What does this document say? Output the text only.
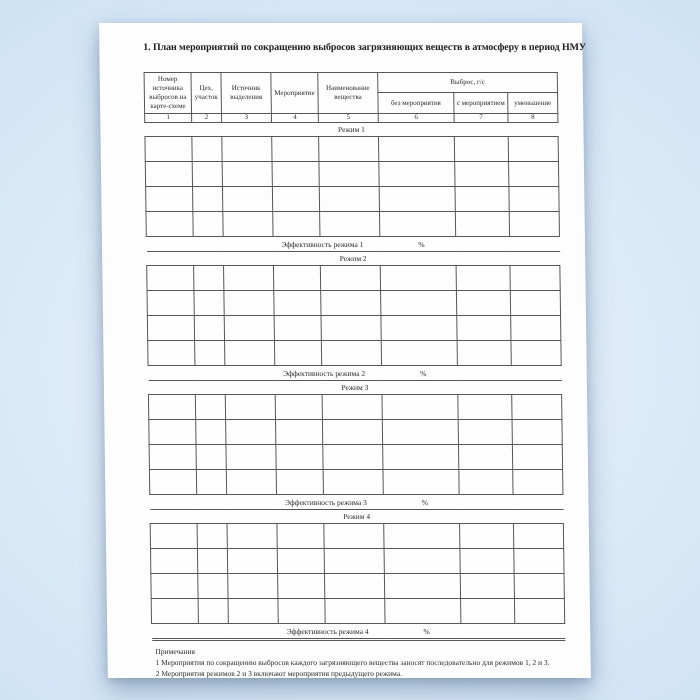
1. План мероприятий по сокращению выбросов загрязняющих веществ в атмосферу в период НМУ
Номер источника выбросов на карте-схеме	Цех, участок	Источник выделения	Мероприятие	Наименование вещества	Выброс, г/с		
					без мероприятия	с мероприятием	уменьшение
1	2	3	4	5	6	7	8
Режим 1							

Эффективность режима 1 %							

Режим 2							

Эффективность режима 2 %							

Режим 3							

Эффективность режима 3 %							

Режим 4							

Эффективность режима 4 %							
Примечания
1 Мероприятия по сокращению выбросов каждого загрязняющего вещества заносят последовательно для режимов 1, 2 и 3.
2 Мероприятия режимов 2 и 3 включают мероприятия предыдущего режима.
